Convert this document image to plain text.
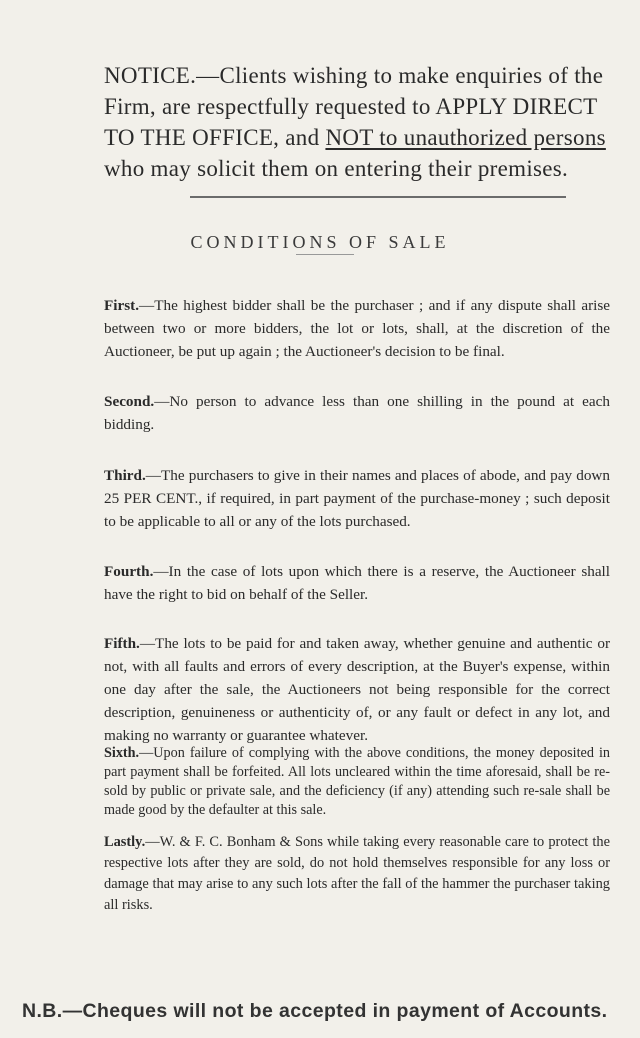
NOTICE.—Clients wishing to make enquiries of the
Firm, are respectfully requested to APPLY DIRECT
TO THE OFFICE, and NOT to unauthorized persons
who may solicit them on entering their premises.
CONDITIONS OF SALE
First.—The highest bidder shall be the purchaser ; and if any dispute shall arise between two or more bidders, the lot or lots, shall, at the discretion of the Auctioneer, be put up again ; the Auctioneer's decision to be final.
Second.—No person to advance less than one shilling in the pound at each bidding.
Third.—The purchasers to give in their names and places of abode, and pay down 25 PER CENT., if required, in part payment of the purchase-money ; such deposit to be applicable to all or any of the lots purchased.
Fourth.—In the case of lots upon which there is a reserve, the Auctioneer shall have the right to bid on behalf of the Seller.
Fifth.—The lots to be paid for and taken away, whether genuine and authentic or not, with all faults and errors of every description, at the Buyer's expense, within one day after the sale, the Auctioneers not being responsible for the correct description, genuineness or authenticity of, or any fault or defect in any lot, and making no warranty or guarantee whatever.
Sixth.—Upon failure of complying with the above conditions, the money deposited in part payment shall be forfeited. All lots uncleared within the time aforesaid, shall be re-sold by public or private sale, and the deficiency (if any) attending such re-sale shall be made good by the defaulter at this sale.
N.B.—Cheques will not be accepted in payment of Accounts.
Lastly.—W. & F. C. Bonham & Sons while taking every reasonable care to protect the respective lots after they are sold, do not hold themselves responsible for any loss or damage that may arise to any such lots after the fall of the hammer the purchaser taking all risks.
